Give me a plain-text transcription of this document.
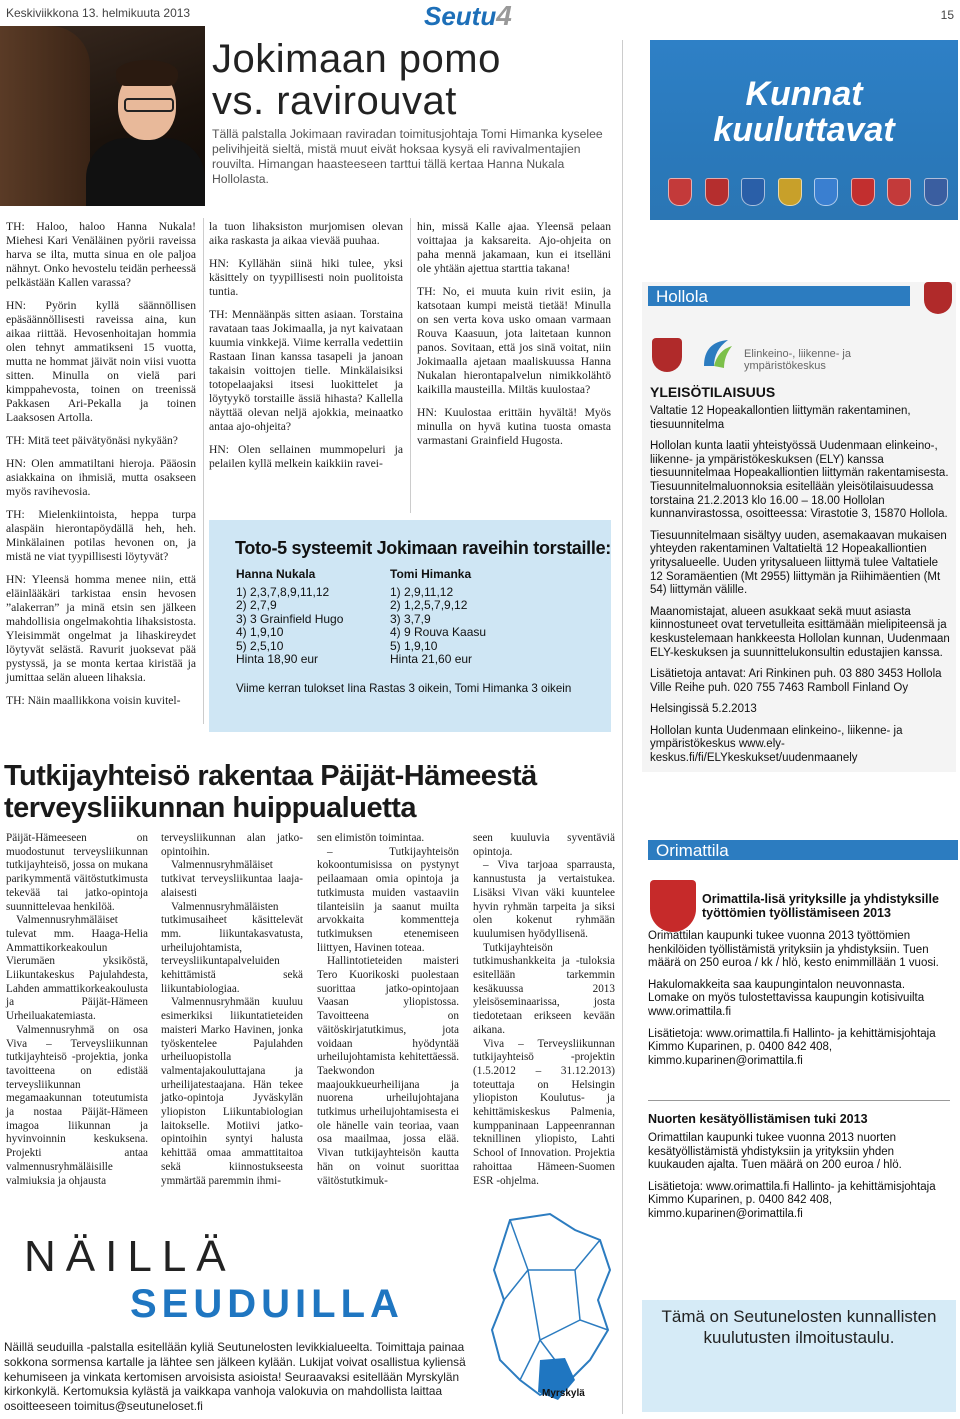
Keskiviikkona 13. helmikuuta 2013	Seutu4	15
Jokimaan pomo
vs. ravirouvat
Tällä palstalla Jokimaan raviradan toimitusjohtaja Tomi Himanka kyselee pelivihjeitä sieltä, mistä muut eivät hoksaa kysyä eli ravivalmentajien rouvilta. Himangan haasteeseen tarttui tällä kertaa Hanna Nukala Hollolasta.

TH: Haloo, haloo Hanna Nukala! Miehesi Kari Venäläinen pyörii raveissa harva se ilta, mutta sinua en ole paljoa nähnyt. Onko hevostelu teidän perheessä pelkästään Kallen varassa?

HN: Pyörin kyllä säännöllisen epäsäännöllisesti raveissa aina, kun aikaa riittää. Hevosenhoitajan hommia olen tehnyt ammatikseni 15 vuotta, mutta ne hommat jäivät noin viisi vuotta sitten. Minulla on vielä pari kimppahevosta, toinen on treenissä Pakkasen Ari-Pekalla ja toinen Laaksosen Artolla.

TH: Mitä teet päivätyönäsi nykyään?

HN: Olen ammatiltani hieroja. Pääosin asiakkaina on ihmisiä, mutta osakseen myös ravihevosia.

TH: Mielenkiintoista, heppa turpa alaspäin hierontapöydällä heh, heh. Minkälainen potilas hevonen on, ja mistä ne viat tyypillisesti löytyvät?

HN: Yleensä homma menee niin, että eläinlääkäri tarkistaa ensin hevosen ”alakerran” ja minä etsin sen jälkeen mahdollisia ongelmakohtia lihaksistosta. Yleisimmät ongelmat ja lihaskireydet löytyvät selästä. Ravurit juoksevat pää pystyssä, ja se monta kertaa kiristää ja jumittaa selän alueen lihaksia.

TH: Näin maallikkona voisin kuvitel-

la tuon lihaksiston murjomisen olevan aika raskasta ja aikaa vievää puuhaa.

HN: Kyllähän siinä hiki tulee, yksi käsittely on tyypillisesti noin puolitoista tuntia.

TH: Mennäänpäs sitten asiaan. Torstaina ravataan taas Jokimaalla, ja nyt kaivataan kuumia vinkkejä. Viime kerralla vedettiin Rastaan Iinan kanssa tasapeli ja janoan takaisin voittojen tielle. Minkälaisiksi totopelaajaksi itsesi luokittelet ja löytyykö torstaille ässiä hihasta? Kallella näyttää olevan neljä ajokkia, meinaatko antaa ajo-ohjeita?

HN: Olen sellainen mummopeluri ja pelailen kyllä melkein kaikkiin ravei-

hin, missä Kalle ajaa. Yleensä pelaan voittajaa ja kaksareita. Ajo-ohjeita on paha mennä jakamaan, kun ei itselläni ole yhtään ajettua starttia takana!

TH: No, ei muuta kuin rivit esiin, ja katsotaan kumpi meistä tietää! Minulla on sen verta kova usko omaan varmaan Rouva Kaasuun, jota laitetaan kunnon panos. Sovitaan, että jos sinä voitat, niin Jokimaalla ajetaan maaliskuussa Hanna Nukalan hierontapalvelun nimikkolähtö kaikilla mausteilla. Miltäs kuulostaa?

HN: Kuulostaa erittäin hyvältä! Myös minulla on hyvä kutina tuosta omasta varmastani Grainfield Hugosta.

Toto-5 systeemit Jokimaan raveihin torstaille:
Hanna Nukala
1) 2,3,7,8,9,11,12
2) 2,7,9
3) 3 Grainfield Hugo
4) 1,9,10
5) 2,5,10
Hinta 18,90 eur
Tomi Himanka
1) 2,9,11,12
2) 1,2,5,7,9,12
3) 3,7,9
4) 9 Rouva Kaasu
5) 1,9,10
Hinta 21,60 eur
Viime kerran tulokset Iina Rastas 3 oikein, Tomi Himanka 3 oikein
Tutkijayhteisö rakentaa Päijät-Hämeestä terveysliikunnan huippualuetta

Päijät-Hämeeseen on muodostunut terveysliikunnan tutkijayhteisö, jossa on mukana parikymmentä väitöstutkimusta tekevää tai jatko-opintoja suunnittelevaa henkilöä.

Valmennusryhmäläiset tulevat mm. Haaga-Helia Ammattikorkeakoulun Vierumäen yksiköstä, Liikuntakeskus Pajulahdesta, Lahden ammattikorkeakoulusta ja Päijät-Hämeen Urheiluakatemiasta.

Valmennusryhmä on osa Viva – Terveysliikunnan tutkijayhteisö -projektia, jonka tavoitteena on edistää terveysliikunnan megamaakunnan toteutumista ja nostaa Päijät-Hämeen imagoa liikunnan ja hyvinvoinnin keskuksena. Projekti antaa valmennusryhmäläisille valmiuksia ja ohjausta

terveysliikunnan alan jatko-opintoihin.

Valmennusryhmäläiset tutkivat terveysliikuntaa laaja-alaisesti

Valmennusryhmäläisten tutkimusaiheet käsittelevät mm. liikuntakasvatusta, urheilujohtamista, terveysliikuntapalveluiden kehittämistä sekä liikuntabiologiaa.

Valmennusryhmään kuuluu esimerkiksi liikuntatieteiden maisteri Marko Havinen, jonka työskentelee Pajulahden urheiluopistolla valmentajakouluttajana ja urheilijatestaajana. Hän tekee jatko-opintoja Jyväskylän yliopiston Liikuntabiologian laitokselle. Motiivi jatko-opintoihin syntyi halusta kehittää omaa ammattitaitoa sekä kiinnostukseesta ymmärtää paremmin ihmi-

sen elimistön toimintaa.

– Tutkijayhteisön kokoontumisissa on pystynyt peilaamaan omia opintoja ja tutkimusta muiden vastaaviin tilanteisiin ja saanut muilta arvokkaita kommentteja tutkimuksen etenemiseen liittyen, Havinen toteaa.

Hallintotieteiden maisteri Tero Kuorikoski puolestaan suorittaa jatko-opintojaan Vaasan yliopistossa. Tavoitteena on väitöskirjatutkimus, jota voidaan hyödyntää urheilujohtamista kehitettäessä. Taekwondon maajoukkueurheilijana ja nuorena urheilujohtajana tutkimus urheilujohtamisesta ei ole hänelle vain teoriaa, vaan osa maailmaa, jossa elää. Vivan tutkijayhteisön kautta hän on voinut suorittaa väitöstutkimuk-

seen kuuluvia syventäviä opintoja.

– Viva tarjoaa sparrausta, kannustusta ja vertaistukea. Lisäksi Vivan väki kuuntelee hyvin ryhmän tarpeita ja siksi olen kokenut ryhmään kuulumisen hyödyllisenä.

Tutkijayhteisön tutkimushankkeita ja -tuloksia esitellään tarkemmin kesäkuussa 2013 yleisöseminaarissa, josta tiedotetaan erikseen kevään aikana.

Viva – Terveysliikunnan tutkijayhteisö -projektin (1.5.2012 – 31.12.2013) toteuttaja on Helsingin yliopiston Koulutus- ja kehittämiskeskus Palmenia, kumppaninaan Lappeenrannan teknillinen yliopisto, Lahti School of Innovation. Projektia rahoittaa Hämeen-Suomen ESR -ohjelma.

NÄILLÄ
SEUDUILLA
Näillä seuduilla -palstalla esitellään kyliä Seutunelosten levikkialueelta. Toimittaja painaa sokkona sormensa kartalle ja lähtee sen jälkeen kylään. Lukijat voivat osallistua kyliensä kehumiseen ja vinkata kertomisen arvoisista asioista! Seuraavaksi esitellään Myrskylän kirkonkylä. Kertomuksia kylästä ja vaikkapa vanhoja valokuvia on mahdollista laittaa osoitteeseen toimitus@seutuneloset.fi
Myrskylä
Kunnat
kuuluttavat
Hollola
Elinkeino-, liikenne- ja ympäristökeskus
YLEISÖTILAISUUS

Valtatie 12 Hopeakallontien liittymän rakentaminen, tiesuunnitelma

Hollolan kunta laatii yhteistyössä Uudenmaan elinkeino-, liikenne- ja ympäristökeskuksen (ELY) kanssa tiesuunnitelmaa Hopeakalliontien liittymän rakentamisesta. Tiesuunnitelmaluonnoksia esitellään yleisötilaisuudessa torstaina 21.2.2013 klo 16.00 – 18.00 Hollolan kunnanvirastossa, osoitteessa: Virastotie 3, 15870 Hollola.

Tiesuunnitelmaan sisältyy uuden, asemakaavan mukaisen yhteyden rakentaminen Valtatieltä 12 Hopeakalliontien yritysalueelle. Uuden yritysalueen liittymä tulee Valtatiele 12 Soramäentien (Mt 2955) liittymän ja Riihimäentien (Mt 54) liittymän välille.

Maanomistajat, alueen asukkaat sekä muut asiasta kiinnostuneet ovat tervetulleita esittämään mielipiteensä ja keskustelemaan hankkeesta Hollolan kunnan, Uudenmaan ELY-keskuksen ja suunnittelukonsultin edustajien kanssa.

Lisätietoja antavat: Ari Rinkinen puh. 03 880 3453 Hollola Ville Reihe puh. 020 755 7463 Ramboll Finland Oy

Helsingissä 5.2.2013

Hollolan kunta Uudenmaan elinkeino-, liikenne- ja ympäristökeskus www.ely-keskus.fi/fi/ELYkeskukset/uudenmaanely

Orimattila
Orimattila-lisä yrityksille ja yhdistyksille työttömien työllistämiseen 2013

Orimattilan kaupunki tukee vuonna 2013 työttömien henkilöiden työllistämistä yrityksiin ja yhdistyksiin. Tuen määrä on 250 euroa / kk / hlö, kesto enimmillään 1 vuosi.

Hakulomakkeita saa kaupungintalon neuvonnasta. Lomake on myös tulostettavissa kaupungin kotisivuilta www.orimattila.fi

Lisätietoja: www.orimattila.fi Hallinto- ja kehittämisjohtaja Kimmo Kuparinen, p. 0400 842 408, kimmo.kuparinen@orimattila.fi

Nuorten kesätyöllistämisen tuki 2013

Orimattilan kaupunki tukee vuonna 2013 nuorten kesätyöllistämistä yhdistyksiin ja yrityksiin yhden kuukauden ajalta. Tuen määrä on 200 euroa / hlö.

Lisätietoja: www.orimattila.fi Hallinto- ja kehittämisjohtaja Kimmo Kuparinen, p. 0400 842 408, kimmo.kuparinen@orimattila.fi

Tämä on Seutunelosten kunnallisten kuulutusten ilmoitustaulu.
